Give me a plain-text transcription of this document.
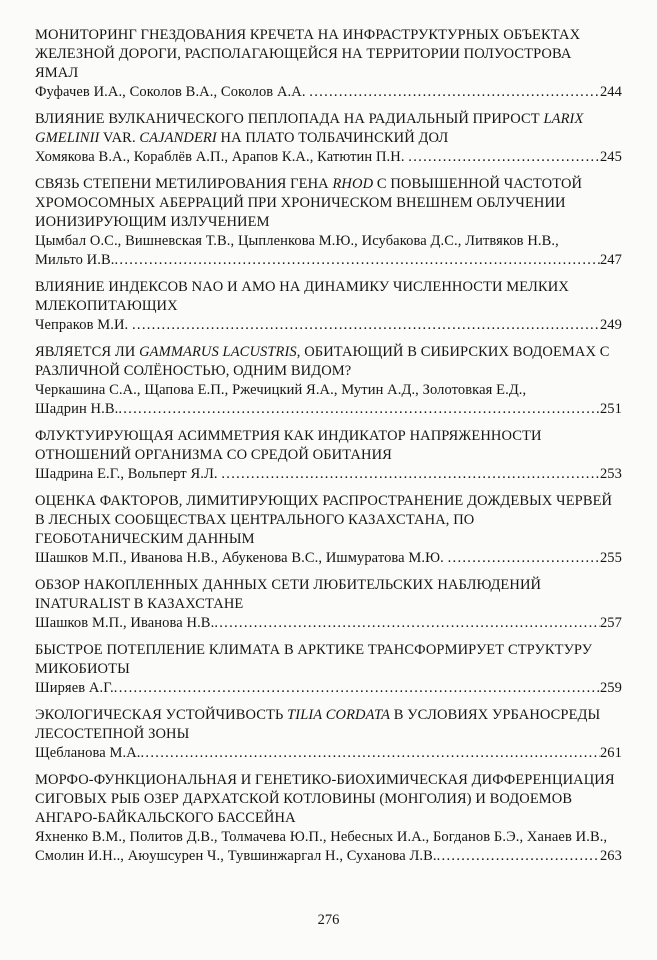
МОНИТОРИНГ ГНЕЗДОВАНИЯ КРЕЧЕТА НА ИНФРАСТРУКТУРНЫХ ОБЪЕКТАХ
ЖЕЛЕЗНОЙ ДОРОГИ, РАСПОЛАГАЮЩЕЙСЯ НА ТЕРРИТОРИИ ПОЛУОСТРОВА
ЯМАЛ
Фуфачев И.А., Соколов В.А., Соколов А.А. .....	244
ВЛИЯНИЕ ВУЛКАНИЧЕСКОГО ПЕПЛОПАДА НА РАДИАЛЬНЫЙ ПРИРОСТ LARIX
GMELINII VAR. CAJANDERI НА ПЛАТО ТОЛБАЧИНСКИЙ ДОЛ
Хомякова В.А., Кораблёв А.П., Арапов К.А., Катютин П.Н. .....	245
СВЯЗЬ СТЕПЕНИ МЕТИЛИРОВАНИЯ ГЕНА RHOD С ПОВЫШЕННОЙ ЧАСТОТОЙ
ХРОМОСОМНЫХ АБЕРРАЦИЙ ПРИ ХРОНИЧЕСКОМ ВНЕШНЕМ ОБЛУЧЕНИИ
ИОНИЗИРУЮЩИМ ИЗЛУЧЕНИЕМ
Цымбал О.С., Вишневская Т.В., Цыпленкова М.Ю., Исубакова Д.С., Литвяков Н.В.,
Мильто И.В. .....	247
ВЛИЯНИЕ ИНДЕКСОВ NAO И AMO НА ДИНАМИКУ ЧИСЛЕННОСТИ МЕЛКИХ
МЛЕКОПИТАЮЩИХ
Чепраков М.И. .....	249
ЯВЛЯЕТСЯ ЛИ GAMMARUS LACUSTRIS, ОБИТАЮЩИЙ В СИБИРСКИХ ВОДОЕМАХ С
РАЗЛИЧНОЙ СОЛЁНОСТЬЮ, ОДНИМ ВИДОМ?
Черкашина С.А., Щапова Е.П., Ржечицкий Я.А., Мутин А.Д., Золотовкая Е.Д.,
Шадрин Н.В. .....	251
ФЛУКТУИРУЮЩАЯ АСИММЕТРИЯ КАК ИНДИКАТОР НАПРЯЖЕННОСТИ
ОТНОШЕНИЙ ОРГАНИЗМА СО СРЕДОЙ ОБИТАНИЯ
Шадрина Е.Г., Вольперт Я.Л. .....	253
ОЦЕНКА ФАКТОРОВ, ЛИМИТИРУЮЩИХ РАСПРОСТРАНЕНИЕ ДОЖДЕВЫХ ЧЕРВЕЙ
В ЛЕСНЫХ СООБЩЕСТВАХ ЦЕНТРАЛЬНОГО КАЗАХСТАНА, ПО
ГЕОБОТАНИЧЕСКИМ ДАННЫМ
Шашков М.П., Иванова Н.В., Абукенова В.С., Ишмуратова М.Ю. .....	255
ОБЗОР НАКОПЛЕННЫХ ДАННЫХ СЕТИ ЛЮБИТЕЛЬСКИХ НАБЛЮДЕНИЙ
INATURALIST В КАЗАХСТАНЕ
Шашков М.П., Иванова Н.В. .....	257
БЫСТРОЕ ПОТЕПЛЕНИЕ КЛИМАТА В АРКТИКЕ ТРАНСФОРМИРУЕТ СТРУКТУРУ
МИКОБИОТЫ
Ширяев А.Г. .....	259
ЭКОЛОГИЧЕСКАЯ УСТОЙЧИВОСТЬ TILIA CORDATA В УСЛОВИЯХ УРБАНОСРЕДЫ
ЛЕСОСТЕПНОЙ ЗОНЫ
Щебланова М.А. .....	261
МОРФО-ФУНКЦИОНАЛЬНАЯ И ГЕНЕТИКО-БИОХИМИЧЕСКАЯ ДИФФЕРЕНЦИАЦИЯ
СИГОВЫХ РЫБ ОЗЕР ДАРХАТСКОЙ КОТЛОВИНЫ (МОНГОЛИЯ) И ВОДОЕМОВ
АНГАРО-БАЙКАЛЬСКОГО БАССЕЙНА
Яхненко В.М., Политов Д.В., Толмачева Ю.П., Небесных И.А., Богданов Б.Э., Ханаев И.В.,
Смолин И.Н.., Аюушсурен Ч., Тувшинжаргал Н., Суханова Л.В. .....	263
276
